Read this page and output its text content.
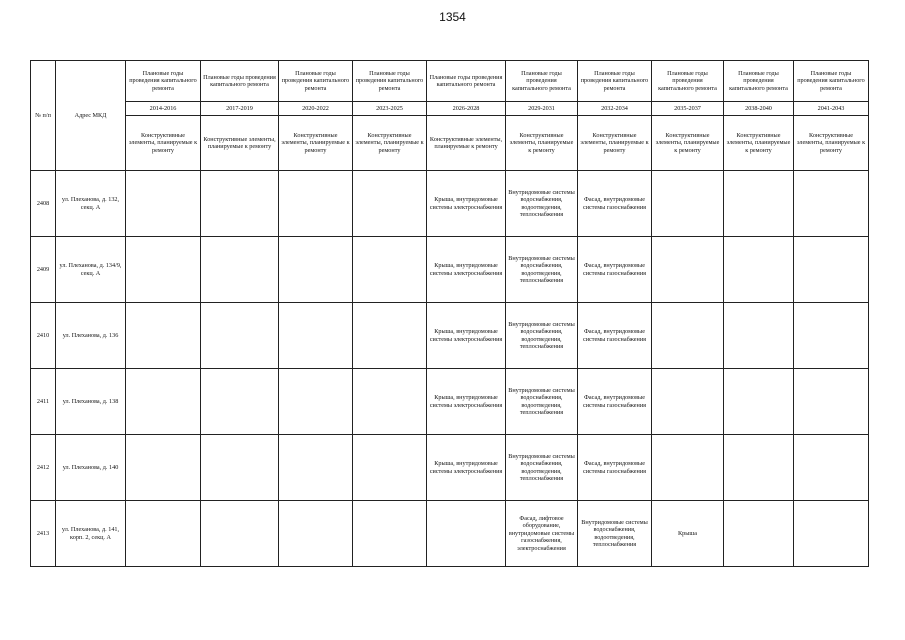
1354
№ п/п	Адрес МКД	Плановые годы проведения капитального ремонта	Плановые годы проведения капитального ремонта	Плановые годы проведения капитального ремонта	Плановые годы проведения капитального ремонта	Плановые годы проведения капитального ремонта	Плановые годы проведения капитального ремонта	Плановые годы проведения капитального ремонта	Плановые годы проведения капитального ремонта	Плановые годы проведения капитального ремонта	Плановые годы проведения капитального ремонта
		2014-2016	2017-2019	2020-2022	2023-2025	2026-2028	2029-2031	2032-2034	2035-2037	2038-2040	2041-2043
		Конструктивные элементы, планируемые к ремонту	Конструктивные элементы, планируемые к ремонту	Конструктивные элементы, планируемые к ремонту	Конструктивные элементы, планируемые к ремонту	Конструктивные элементы, планируемые к ремонту	Конструктивные элементы, планируемые к ремонту	Конструктивные элементы, планируемые к ремонту	Конструктивные элементы, планируемые к ремонту	Конструктивные элементы, планируемые к ремонту	Конструктивные элементы, планируемые к ремонту
2408	ул. Плеханова, д. 132, секц. А					Крыша, внутридомовые системы электроснабжения	Внутридомовые системы водоснабжения, водоотведения, теплоснабжения	Фасад, внутридомовые системы газоснабжения			
2409	ул. Плеханова, д. 134/9, секц. А					Крыша, внутридомовые системы электроснабжения	Внутридомовые системы водоснабжения, водоотведения, теплоснабжения	Фасад, внутридомовые системы газоснабжения			
2410	ул. Плеханова, д. 136					Крыша, внутридомовые системы электроснабжения	Внутридомовые системы водоснабжения, водоотведения, теплоснабжения	Фасад, внутридомовые системы газоснабжения			
2411	ул. Плеханова, д. 138					Крыша, внутридомовые системы электроснабжения	Внутридомовые системы водоснабжения, водоотведения, теплоснабжения	Фасад, внутридомовые системы газоснабжения			
2412	ул. Плеханова, д. 140					Крыша, внутридомовые системы электроснабжения	Внутридомовые системы водоснабжения, водоотведения, теплоснабжения	Фасад, внутридомовые системы газоснабжения			
2413	ул. Плеханова, д. 141, корп. 2, секц. А						Фасад, лифтовое оборудование, внутридомовые системы газоснабжения, электроснабжения	Внутридомовые системы водоснабжения, водоотведения, теплоснабжения	Крыша		
